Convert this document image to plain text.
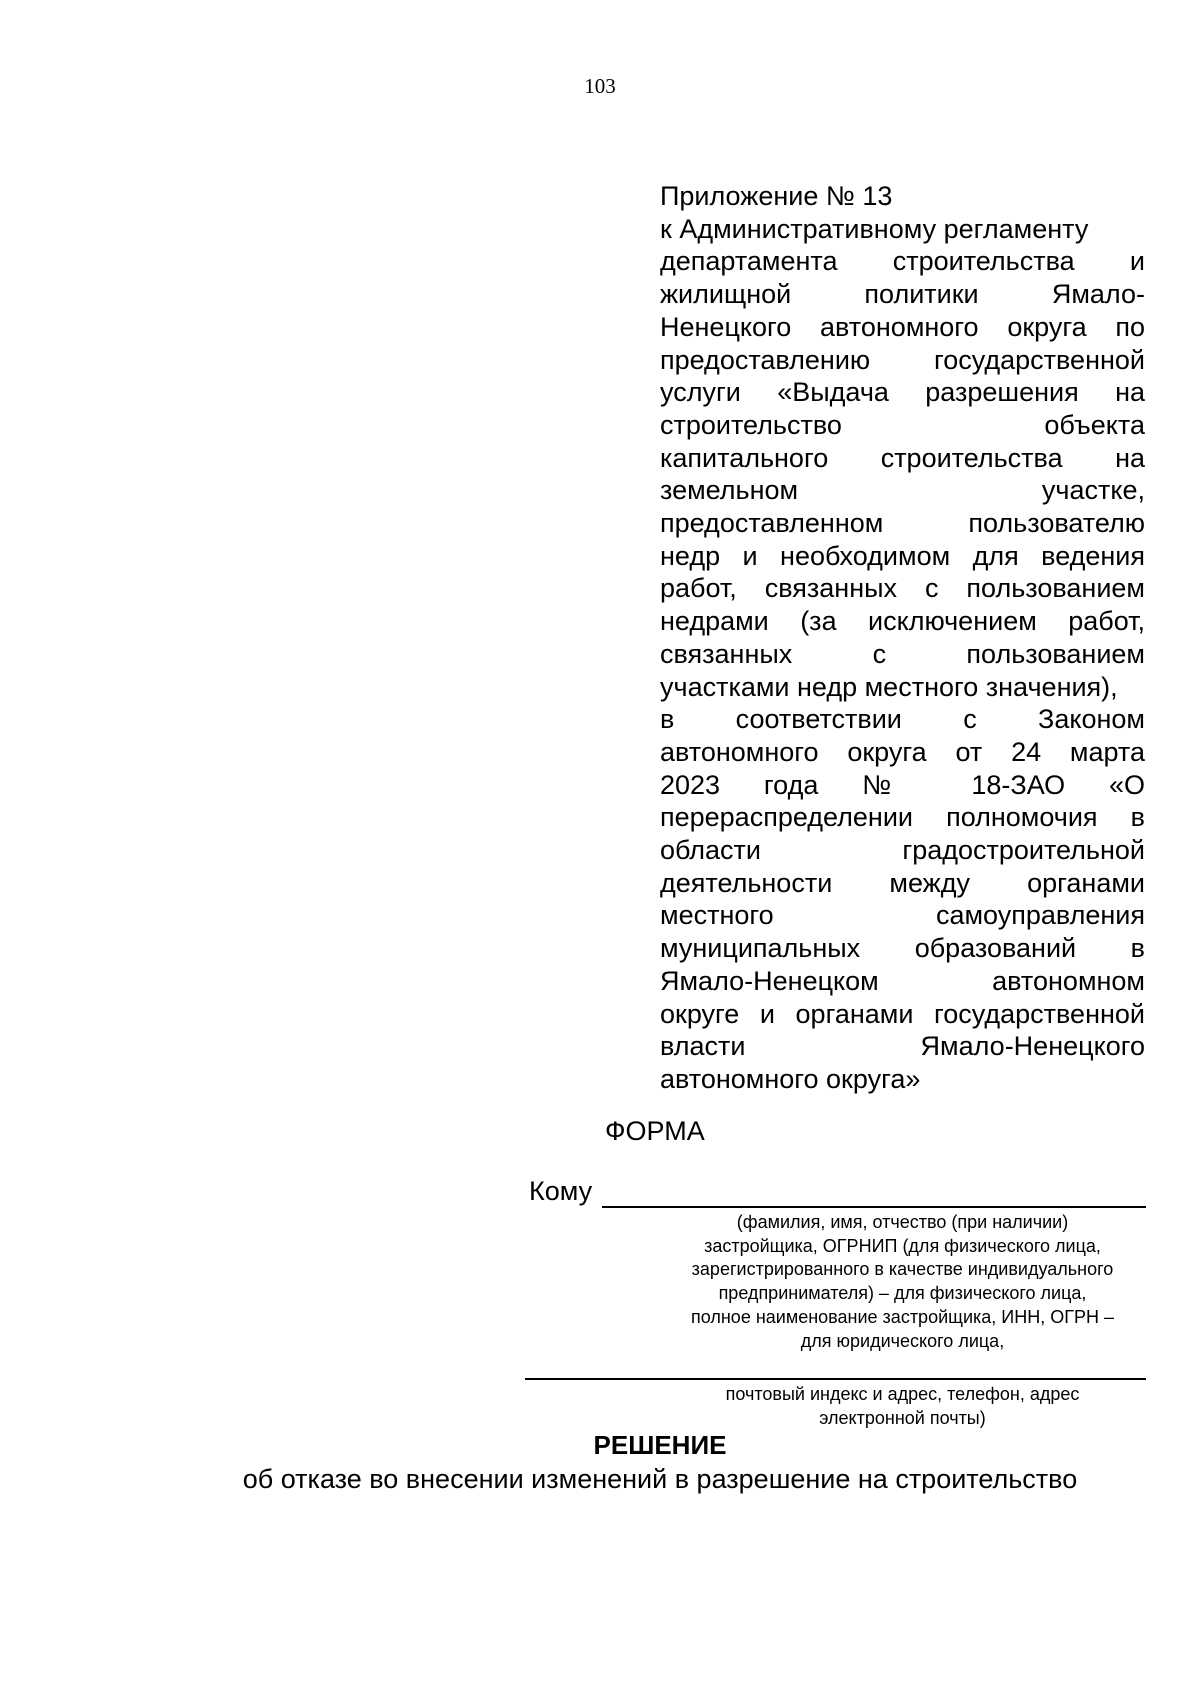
103
Приложение № 13
к Административному регламенту
департамента строительства и
жилищной политики Ямало-
Ненецкого автономного округа по
предоставлению государственной
услуги «Выдача разрешения на
строительство объекта
капитального строительства на
земельном участке,
предоставленном пользователю
недр и необходимом для ведения
работ, связанных с пользованием
недрами (за исключением работ,
связанных с пользованием
участками недр местного значения),
в соответствии с Законом
автономного округа от 24 марта
2023 года № 18-ЗАО «О
перераспределении полномочия в
области градостроительной
деятельности между органами
местного самоуправления
муниципальных образований в
Ямало-Ненецком автономном
округе и органами государственной
власти Ямало-Ненецкого
автономного округа»
ФОРМА
Кому
(фамилия, имя, отчество (при наличии)
застройщика, ОГРНИП (для физического лица,
зарегистрированного в качестве индивидуального
предпринимателя) – для физического лица,
полное наименование застройщика, ИНН, ОГРН –
для юридического лица,
почтовый индекс и адрес, телефон, адрес
электронной почты)
РЕШЕНИЕ
об отказе во внесении изменений в разрешение на строительство
